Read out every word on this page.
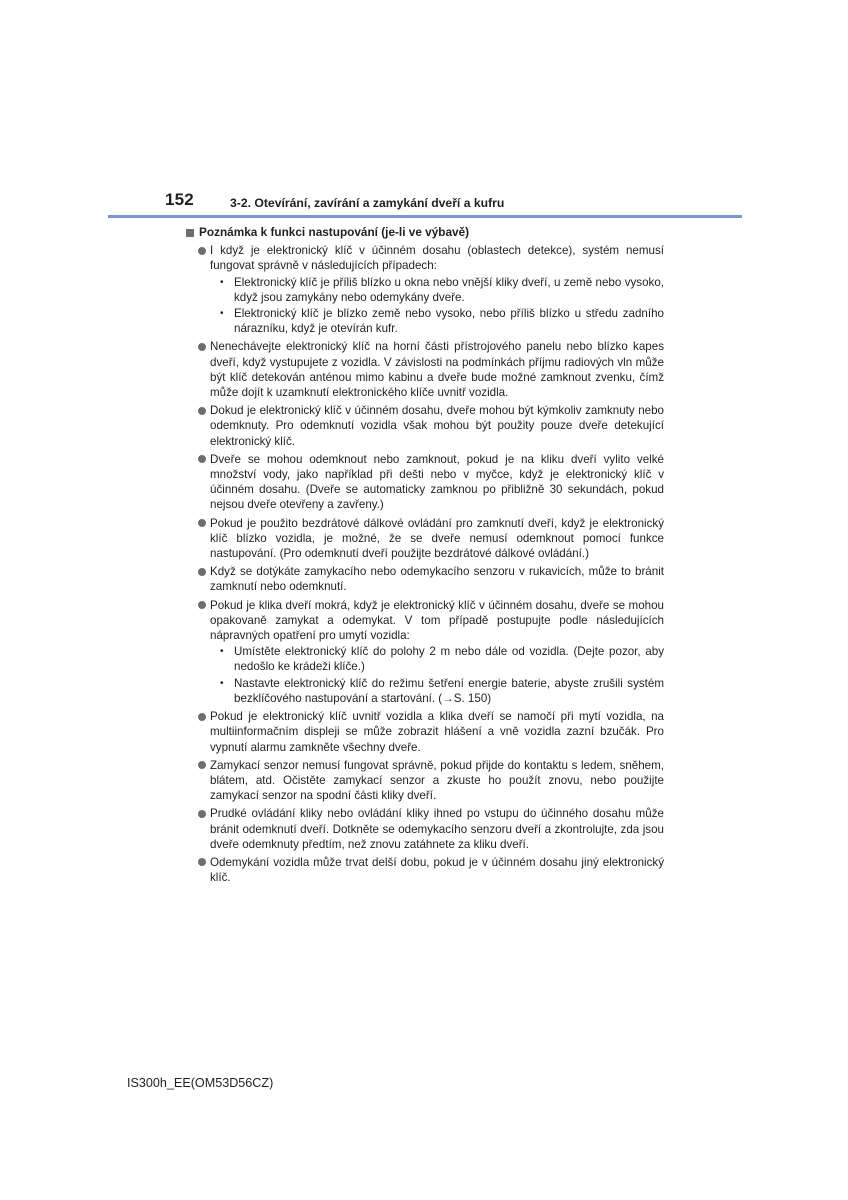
152	3-2. Otevírání, zavírání a zamykání dveří a kufru
Poznámka k funkci nastupování (je-li ve výbavě)
I když je elektronický klíč v účinném dosahu (oblastech detekce), systém nemusí fungovat správně v následujících případech:
• Elektronický klíč je příliš blízko u okna nebo vnější kliky dveří, u země nebo vysoko, když jsou zamykány nebo odemykány dveře.
• Elektronický klíč je blízko země nebo vysoko, nebo příliš blízko u středu zadního nárazníku, když je otevírán kufr.
Nenechávejte elektronický klíč na horní části přístrojového panelu nebo blízko kapes dveří, když vystupujete z vozidla. V závislosti na podmínkách příjmu radiových vln může být klíč detekován anténou mimo kabinu a dveře bude možné zamknout zvenku, čímž může dojít k uzamknutí elektronického klíče uvnitř vozidla.
Dokud je elektronický klíč v účinném dosahu, dveře mohou být kýmkoliv zamknuty nebo odemknuty. Pro odemknutí vozidla však mohou být použity pouze dveře detekující elektronický klíč.
Dveře se mohou odemknout nebo zamknout, pokud je na kliku dveří vylito velké množství vody, jako například při dešti nebo v myčce, když je elektronický klíč v účinném dosahu. (Dveře se automaticky zamknou po přibližně 30 sekundách, pokud nejsou dveře otevřeny a zavřeny.)
Pokud je použito bezdrátové dálkové ovládání pro zamknutí dveří, když je elektronický klíč blízko vozidla, je možné, že se dveře nemusí odemknout pomocí funkce nastupování. (Pro odemknutí dveří použijte bezdrátové dálkové ovládání.)
Když se dotýkáte zamykacího nebo odemykacího senzoru v rukavicích, může to bránit zamknutí nebo odemknutí.
Pokud je klika dveří mokrá, když je elektronický klíč v účinném dosahu, dveře se mohou opakovaně zamykat a odemykat. V tom případě postupujte podle následujících nápravných opatření pro umytí vozidla:
• Umístěte elektronický klíč do polohy 2 m nebo dále od vozidla. (Dejte pozor, aby nedošlo ke krádeži klíče.)
• Nastavte elektronický klíč do režimu šetření energie baterie, abyste zrušili systém bezklíčového nastupování a startování. (→S. 150)
Pokud je elektronický klíč uvnitř vozidla a klika dveří se namočí při mytí vozidla, na multiinformačním displeji se může zobrazit hlášení a vně vozidla zazní bzučák. Pro vypnutí alarmu zamkněte všechny dveře.
Zamykací senzor nemusí fungovat správně, pokud přijde do kontaktu s ledem, sněhem, blátem, atd. Očistěte zamykací senzor a zkuste ho použít znovu, nebo použijte zamykací senzor na spodní části kliky dveří.
Prudké ovládání kliky nebo ovládání kliky ihned po vstupu do účinného dosahu může bránit odemknutí dveří. Dotkněte se odemykacího senzoru dveří a zkontrolujte, zda jsou dveře odemknuty předtím, než znovu zatáhnete za kliku dveří.
Odemykání vozidla může trvat delší dobu, pokud je v účinném dosahu jiný elektronický klíč.
IS300h_EE(OM53D56CZ)
